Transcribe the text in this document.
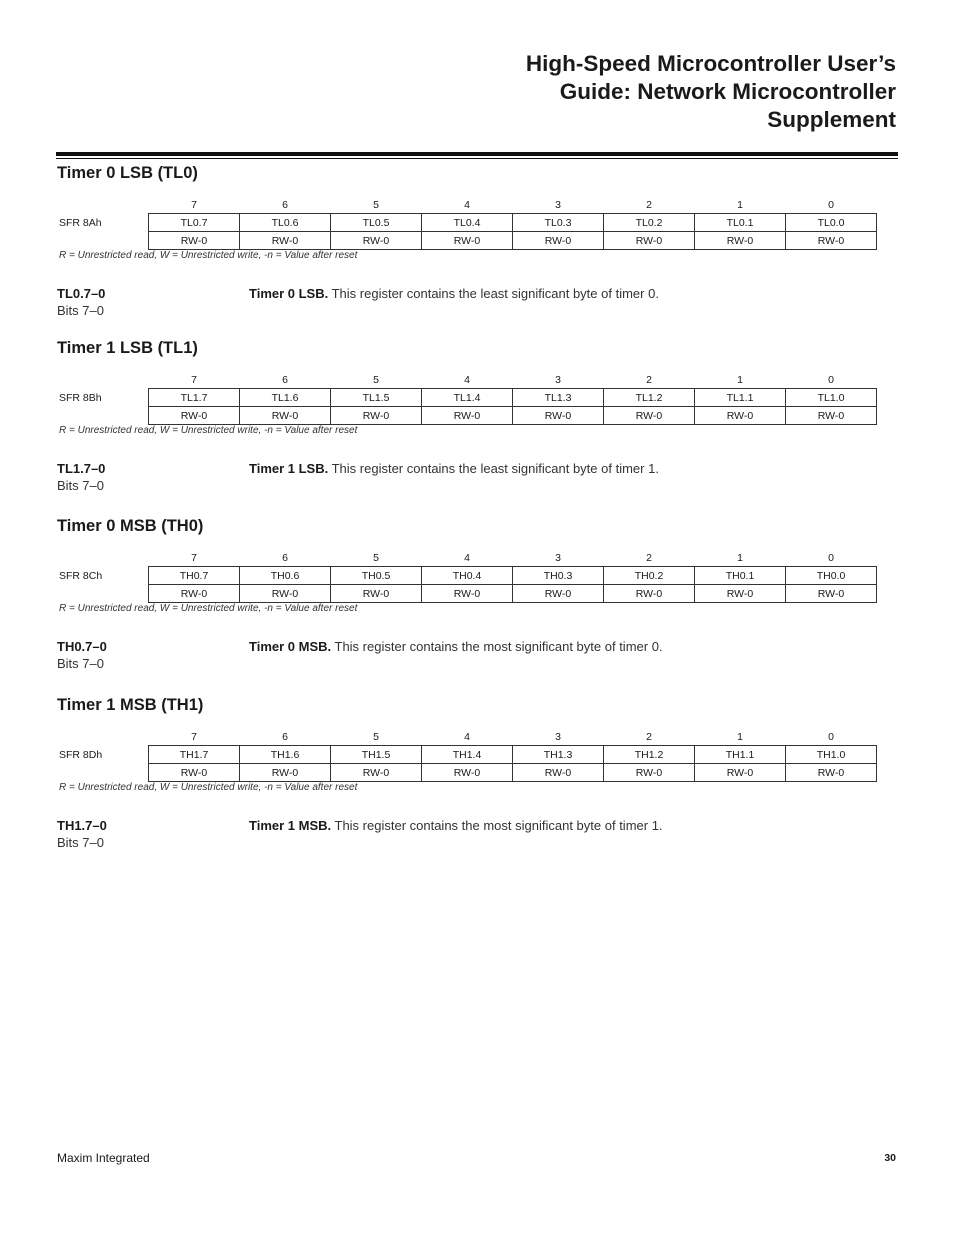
High-Speed Microcontroller User’s
Guide: Network Microcontroller
Supplement
Timer 0 LSB (TL0)
	7	6	5	4	3	2	1	0
SFR 8Ah	TL0.7	TL0.6	TL0.5	TL0.4	TL0.3	TL0.2	TL0.1	TL0.0
	RW-0	RW-0	RW-0	RW-0	RW-0	RW-0	RW-0	RW-0

R = Unrestricted read, W = Unrestricted write, -n = Value after reset

TL0.7–0

Bits 7–0

Timer 0 LSB. This register contains the least significant byte of timer 0.

Timer 1 LSB (TL1)
	7	6	5	4	3	2	1	0
SFR 8Bh	TL1.7	TL1.6	TL1.5	TL1.4	TL1.3	TL1.2	TL1.1	TL1.0
	RW-0	RW-0	RW-0	RW-0	RW-0	RW-0	RW-0	RW-0

R = Unrestricted read, W = Unrestricted write, -n = Value after reset

TL1.7–0

Bits 7–0

Timer 1 LSB. This register contains the least significant byte of timer 1.

Timer 0 MSB (TH0)
	7	6	5	4	3	2	1	0
SFR 8Ch	TH0.7	TH0.6	TH0.5	TH0.4	TH0.3	TH0.2	TH0.1	TH0.0
	RW-0	RW-0	RW-0	RW-0	RW-0	RW-0	RW-0	RW-0

R = Unrestricted read, W = Unrestricted write, -n = Value after reset

TH0.7–0

Bits 7–0

Timer 0 MSB. This register contains the most significant byte of timer 0.

Timer 1 MSB (TH1)
	7	6	5	4	3	2	1	0
SFR 8Dh	TH1.7	TH1.6	TH1.5	TH1.4	TH1.3	TH1.2	TH1.1	TH1.0
	RW-0	RW-0	RW-0	RW-0	RW-0	RW-0	RW-0	RW-0

R = Unrestricted read, W = Unrestricted write, -n = Value after reset

TH1.7–0

Bits 7–0

Timer 1 MSB. This register contains the most significant byte of timer 1.

Maxim Integrated	30
